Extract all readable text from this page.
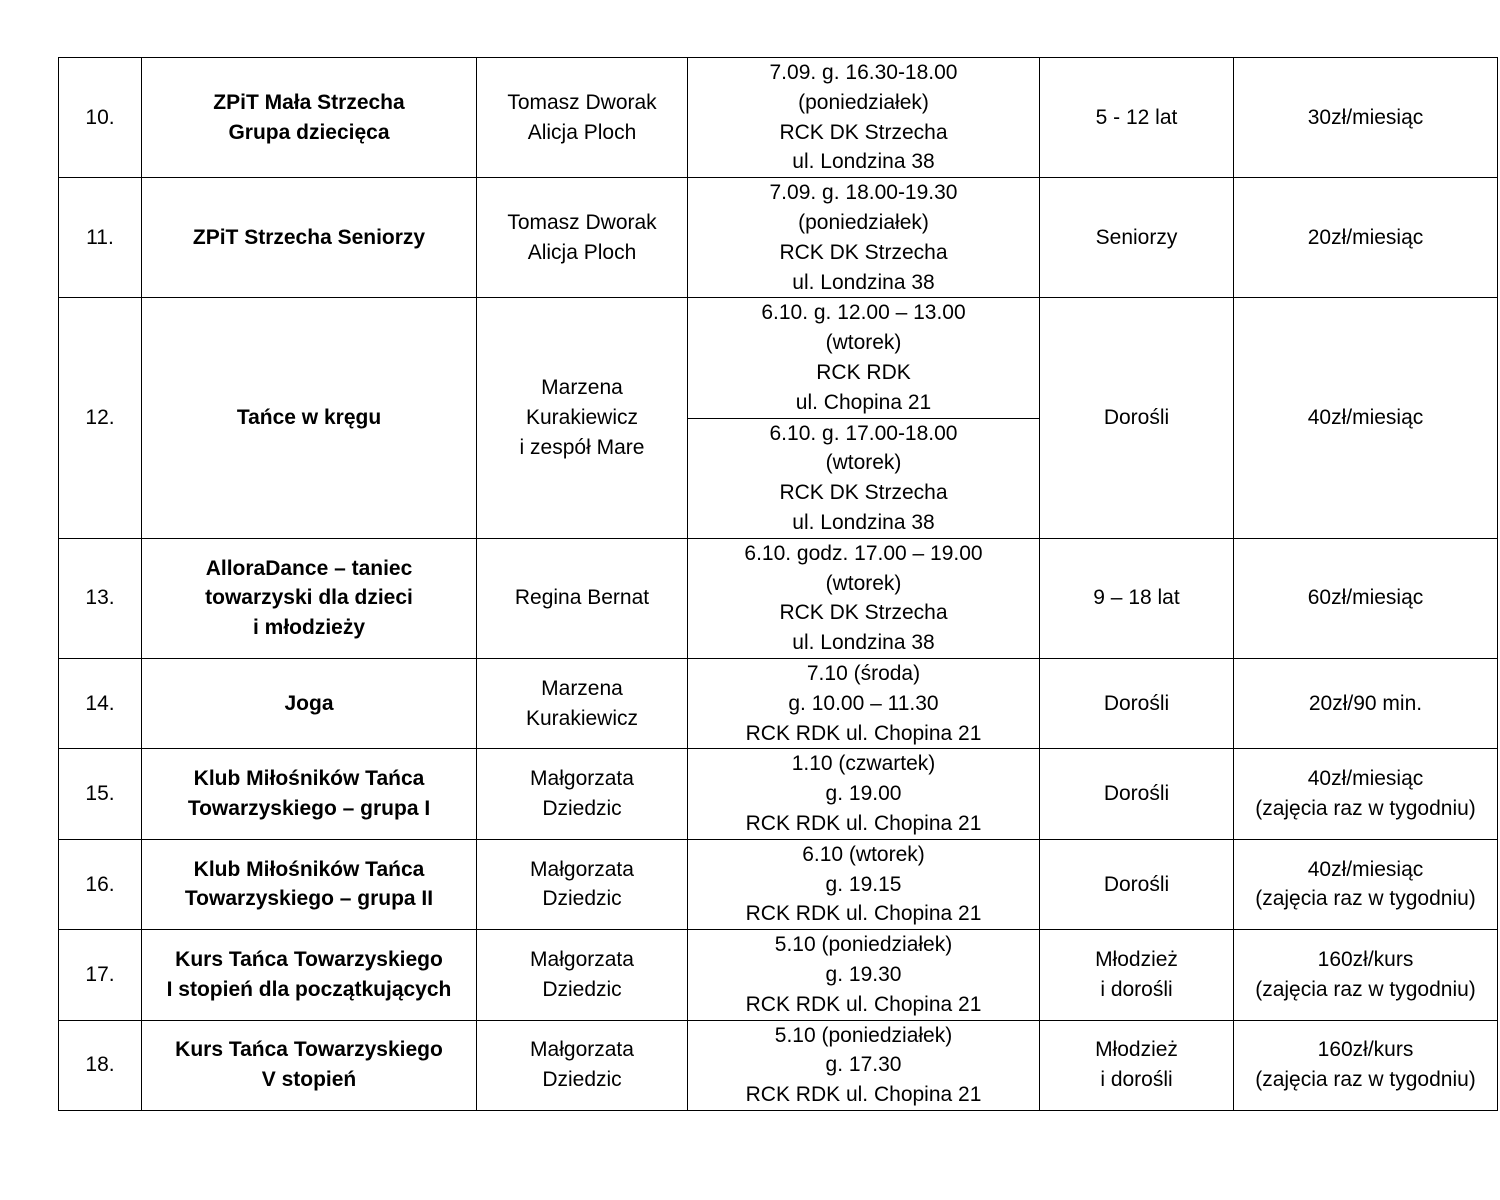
10.	ZPiT Mała Strzecha
Grupa dziecięca	Tomasz Dworak
Alicja Ploch	7.09. g. 16.30-18.00
(poniedziałek)
RCK DK Strzecha
ul. Londzina 38	5 - 12 lat	30zł/miesiąc

11.	ZPiT Strzecha Seniorzy	Tomasz Dworak
Alicja Ploch	7.09. g. 18.00-19.30
(poniedziałek)
RCK DK Strzecha
ul. Londzina 38	Seniorzy	20zł/miesiąc

12.	Tańce w kręgu	Marzena
Kurakiewicz
i zespół Mare	6.10. g. 12.00 – 13.00
(wtorek)
RCK RDK
ul. Chopina 21	Dorośli	40zł/miesiąc

			6.10. g. 17.00-18.00
(wtorek)
RCK DK Strzecha
ul. Londzina 38		

13.	AlloraDance – taniec
towarzyski dla dzieci
i młodzieży	Regina Bernat	6.10. godz. 17.00 – 19.00
(wtorek)
RCK DK Strzecha
ul. Londzina 38	9 – 18 lat	60zł/miesiąc

14.	Joga	Marzena
Kurakiewicz	7.10 (środa)
g. 10.00 – 11.30
RCK RDK ul. Chopina 21	Dorośli	20zł/90 min.

15.	Klub Miłośników Tańca
Towarzyskiego – grupa I	Małgorzata
Dziedzic	1.10 (czwartek)
g. 19.00
RCK RDK ul. Chopina 21	Dorośli	40zł/miesiąc
(zajęcia raz w tygodniu)

16.	Klub Miłośników Tańca
Towarzyskiego – grupa II	Małgorzata
Dziedzic	6.10 (wtorek)
g. 19.15
RCK RDK ul. Chopina 21	Dorośli	40zł/miesiąc
(zajęcia raz w tygodniu)

17.	Kurs Tańca Towarzyskiego
I stopień dla początkujących	Małgorzata
Dziedzic	5.10 (poniedziałek)
g. 19.30
RCK RDK ul. Chopina 21	Młodzież
i dorośli	160zł/kurs
(zajęcia raz w tygodniu)

18.	Kurs Tańca Towarzyskiego
V stopień	Małgorzata
Dziedzic	5.10 (poniedziałek)
g. 17.30
RCK RDK ul. Chopina 21	Młodzież
i dorośli	160zł/kurs
(zajęcia raz w tygodniu)
